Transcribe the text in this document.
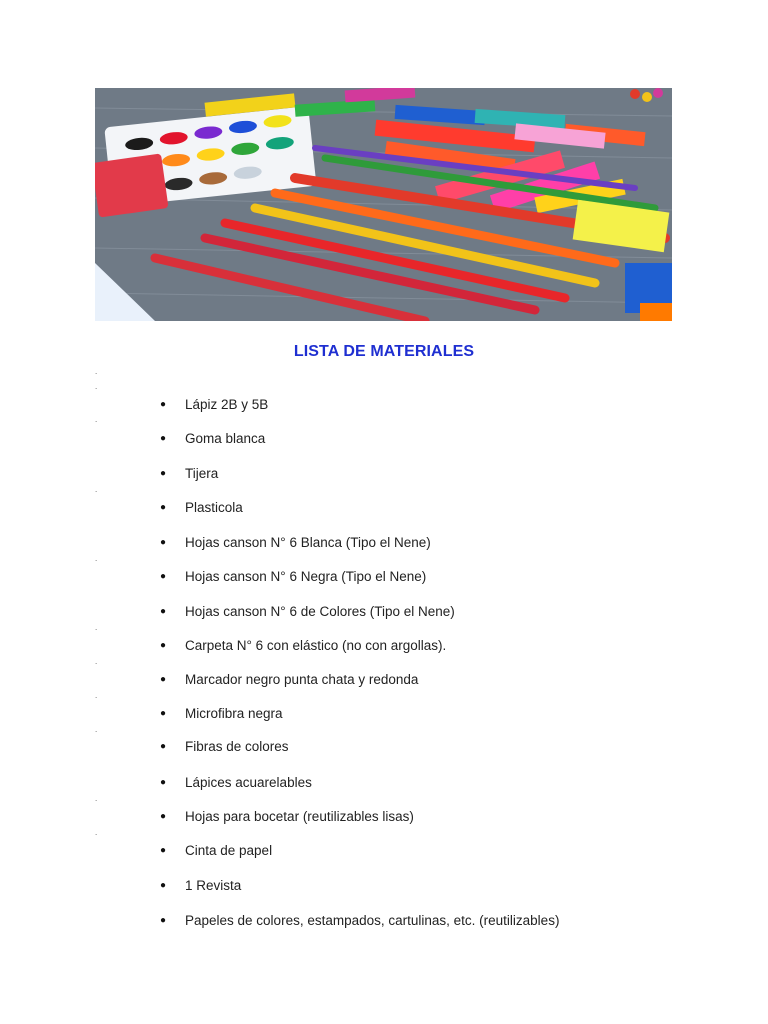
LISTA DE MATERIALES
.
.
.
.
.
.
.
.
.
.
.
●	Lápiz 2B y 5B
●	Goma blanca
●	Tijera
●	Plasticola
●	Hojas canson N° 6 Blanca (Tipo el Nene)
●	Hojas canson N° 6 Negra (Tipo el Nene)
●	Hojas canson N° 6 de Colores (Tipo el Nene)
●	Carpeta N° 6 con elástico (no con argollas).
●	Marcador negro punta chata y redonda
●	Microfibra negra
●	Fibras de colores
●	Lápices acuarelables
●	Hojas para bocetar (reutilizables lisas)
●	Cinta de papel
●	1 Revista
●	Papeles de colores, estampados, cartulinas, etc. (reutilizables)
